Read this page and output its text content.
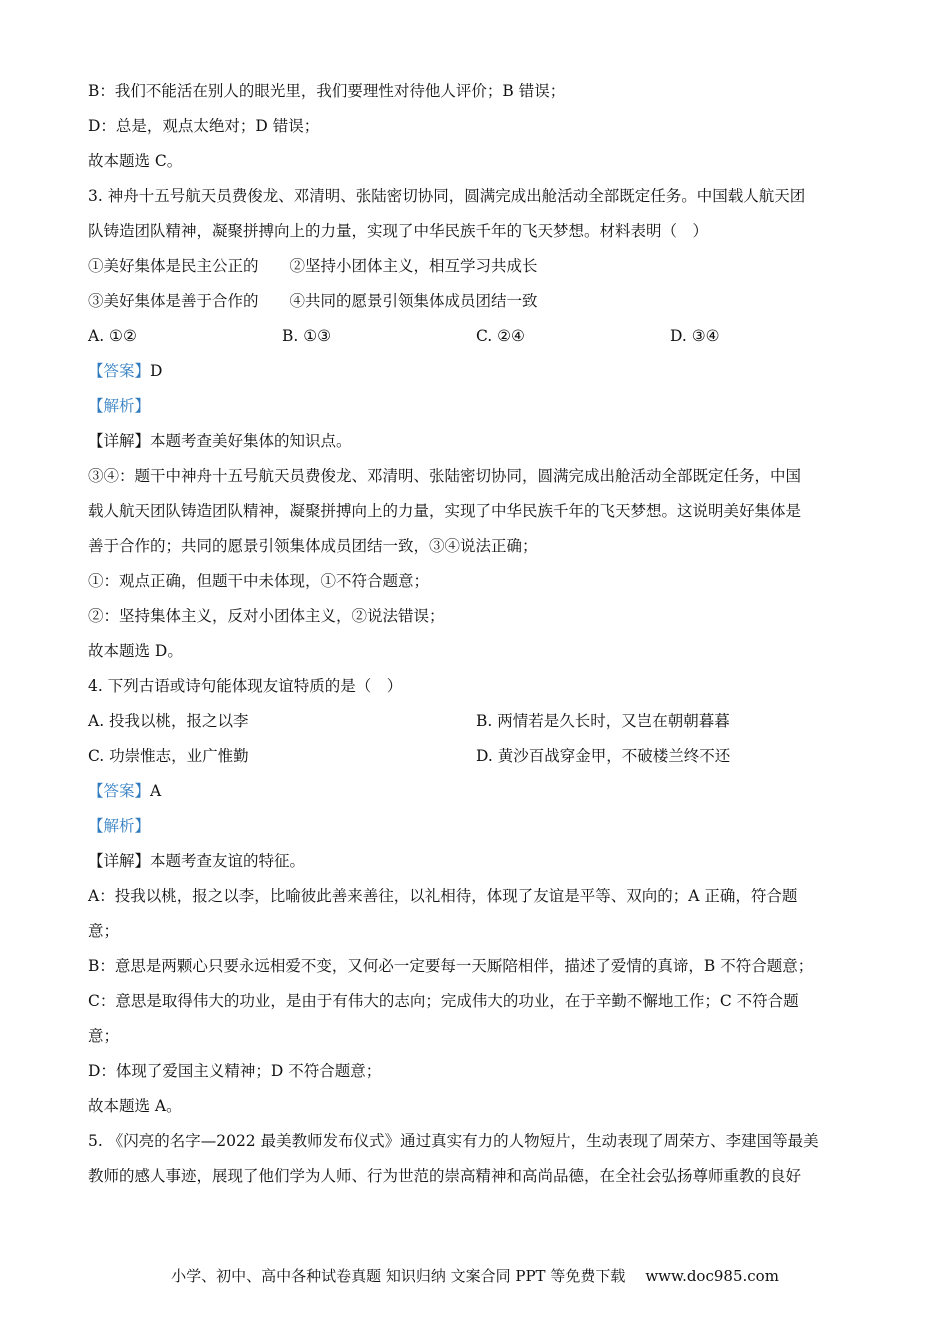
B：我们不能活在别人的眼光里，我们要理性对待他人评价；B 错误；
D：总是，观点太绝对；D 错误；
故本题选 C。
3. 神舟十五号航天员费俊龙、邓清明、张陆密切协同，圆满完成出舱活动全部既定任务。中国载人航天团
队铸造团队精神，凝聚拼搏向上的力量，实现了中华民族千年的飞天梦想。材料表明（　）
①美好集体是民主公正的　　②坚持小团体主义，相互学习共成长
③美好集体是善于合作的　　④共同的愿景引领集体成员团结一致
A. ①②	B. ①③	C. ②④	D. ③④
【答案】D
【解析】
【详解】本题考查美好集体的知识点。
③④：题干中神舟十五号航天员费俊龙、邓清明、张陆密切协同，圆满完成出舱活动全部既定任务，中国
载人航天团队铸造团队精神，凝聚拼搏向上的力量，实现了中华民族千年的飞天梦想。这说明美好集体是
善于合作的；共同的愿景引领集体成员团结一致，③④说法正确；
①：观点正确，但题干中未体现，①不符合题意；
②：坚持集体主义，反对小团体主义，②说法错误；
故本题选 D。
4. 下列古语或诗句能体现友谊特质的是（　）
A. 投我以桃，报之以李	B. 两情若是久长时，又岂在朝朝暮暮
C. 功崇惟志，业广惟勤	D. 黄沙百战穿金甲，不破楼兰终不还
【答案】A
【解析】
【详解】本题考查友谊的特征。
A：投我以桃，报之以李，比喻彼此善来善往，以礼相待，体现了友谊是平等、双向的；A 正确，符合题
意；
B：意思是两颗心只要永远相爱不变，又何必一定要每一天厮陪相伴，描述了爱情的真谛，B 不符合题意；
C：意思是取得伟大的功业，是由于有伟大的志向；完成伟大的功业，在于辛勤不懈地工作；C 不符合题
意；
D：体现了爱国主义精神；D 不符合题意；
故本题选 A。
5. 《闪亮的名字—2022 最美教师发布仪式》通过真实有力的人物短片，生动表现了周荣方、李建国等最美
教师的感人事迹，展现了他们学为人师、行为世范的崇高精神和高尚品德，在全社会弘扬尊师重教的良好
小学、初中、高中各种试卷真题 知识归纳 文案合同 PPT 等免费下载 www.doc985.com
